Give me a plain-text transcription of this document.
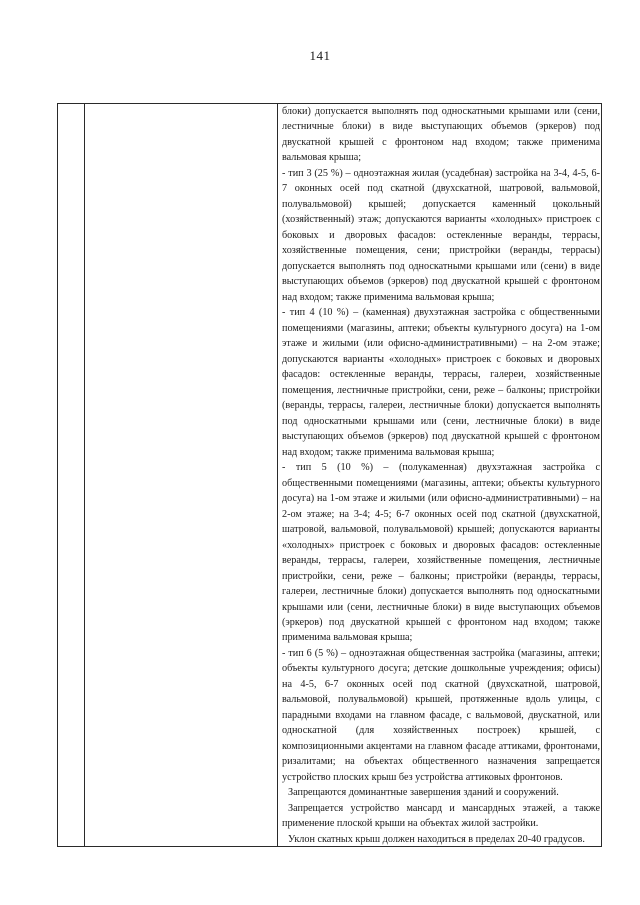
141

блоки) допускается выполнять под односкатными крышами или (сени, лестничные блоки) в виде выступающих объемов (эркеров) под двускатной крышей с фронтоном над входом; также применима вальмовая крыша;

- тип 3 (25 %) – одноэтажная жилая (усадебная) застройка на 3-4, 4-5, 6-7 оконных осей под скатной (двухскатной, шатровой, вальмовой, полувальмовой) крышей; допускается каменный цокольный (хозяйственный) этаж; допускаются варианты «холодных» пристроек с боковых и дворовых фасадов: остекленные веранды, террасы, хозяйственные помещения, сени; пристройки (веранды, террасы) допускается выполнять под односкатными крышами или (сени) в виде выступающих объемов (эркеров) под двускатной крышей с фронтоном над входом; также применима вальмовая крыша;

- тип 4 (10 %) – (каменная) двухэтажная застройка с общественными помещениями (магазины, аптеки; объекты культурного досуга) на 1-ом этаже и жилыми (или офисно-административными) – на 2-ом этаже; допускаются варианты «холодных» пристроек с боковых и дворовых фасадов: остекленные веранды, террасы, галереи, хозяйственные помещения, лестничные пристройки, сени, реже – балконы; пристройки (веранды, террасы, галереи, лестничные блоки) допускается выполнять под односкатными крышами или (сени, лестничные блоки) в виде выступающих объемов (эркеров) под двускатной крышей с фронтоном над входом; также применима вальмовая крыша;

- тип 5 (10 %) – (полукаменная) двухэтажная застройка с общественными помещениями (магазины, аптеки; объекты культурного досуга) на 1-ом этаже и жилыми (или офисно-административными) – на 2-ом этаже; на 3-4; 4-5; 6-7 оконных осей под скатной (двухскатной, шатровой, вальмовой, полувальмовой) крышей; допускаются варианты «холодных» пристроек с боковых и дворовых фасадов: остекленные веранды, террасы, галереи, хозяйственные помещения, лестничные пристройки, сени, реже – балконы; пристройки (веранды, террасы, галереи, лестничные блоки) допускается выполнять под односкатными крышами или (сени, лестничные блоки) в виде выступающих объемов (эркеров) под двускатной крышей с фронтоном над входом; также применима вальмовая крыша;

- тип 6 (5 %) – одноэтажная общественная застройка (магазины, аптеки; объекты культурного досуга; детские дошкольные учреждения; офисы) на 4-5, 6-7 оконных осей под скатной (двухскатной, шатровой, вальмовой, полувальмовой) крышей, протяженные вдоль улицы, с парадными входами на главном фасаде, с вальмовой, двускатной, или односкатной (для хозяйственных построек) крышей, с композиционными акцентами на главном фасаде аттиками, фронтонами, ризалитами; на объектах общественного назначения запрещается устройство плоских крыш без устройства аттиковых фронтонов.

Запрещаются доминантные завершения зданий и сооружений.

Запрещается устройство мансард и мансардных этажей, а также применение плоской крыши на объектах жилой застройки.

Уклон скатных крыш должен находиться в пределах 20-40 градусов.
